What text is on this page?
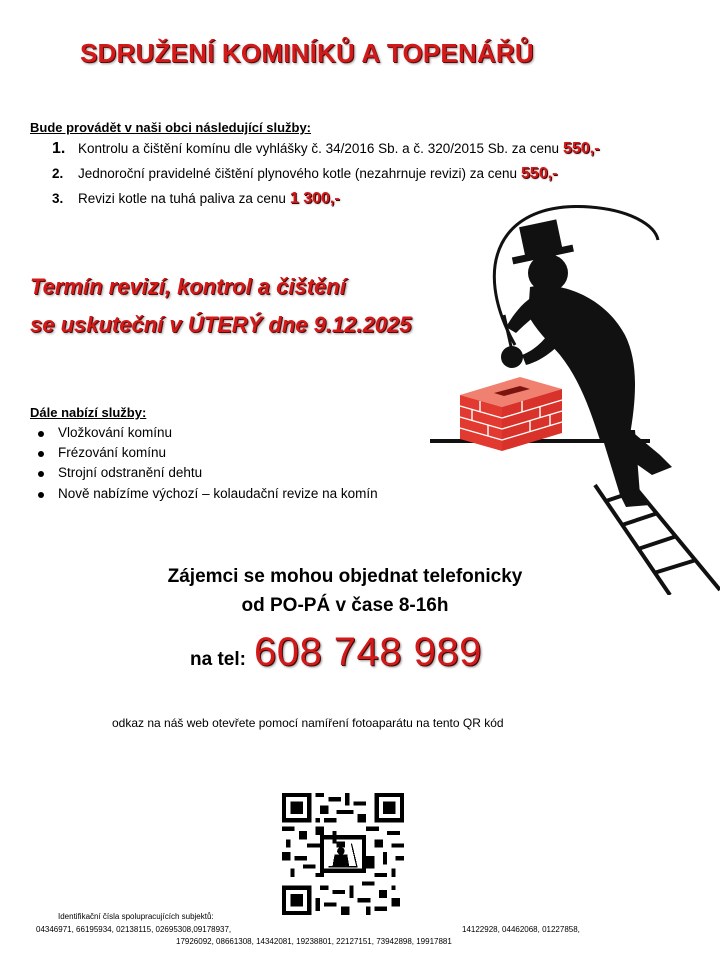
SDRUŽENÍ KOMINÍKŮ A TOPENÁŘŮ
Bude provádět v naši obci následující služby:
1. Kontrolu a čištění komínu dle vyhlášky č. 34/2016 Sb. a č. 320/2015 Sb. za cenu 550,-
2.	Jednoroční pravidelné čištění plynového kotle (nezahrnuje revizi) za cenu 550,-
3.	Revizi kotle na tuhá paliva za cenu 1 300,-
Termín revizí, kontrol a čištění
se uskuteční v ÚTERÝ dne 9.12.2025
Dále nabízí služby:
Vložkování komínu
Frézování komínu
Strojní odstranění dehtu
Nově nabízíme výchozí – kolaudační revize na komín
Zájemci se mohou objednat telefonicky
od PO-PÁ v čase 8-16h
na tel: 608 748 989
odkaz na náš web otevřete pomocí namíření fotoaparátu na tento QR kód
Identifikační čísla spolupracujících subjektů:
04346971, 66195934, 02138115, 02695308,09178937,	14122928, 04462068, 01227858,
17926092, 08661308, 14342081, 19238801, 22127151, 73942898, 19917881
